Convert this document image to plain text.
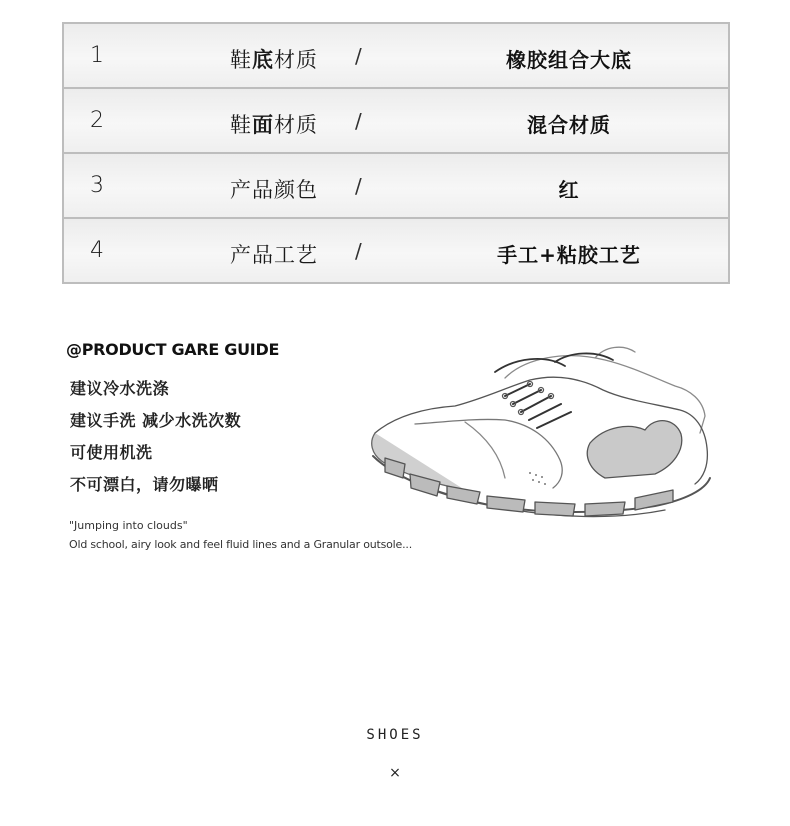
1	鞋底材质 /	橡胶组合大底
2	鞋面材质 /	混合材质
3	产品颜色 /	红
4	产品工艺 /	手工+粘胶工艺
@PRODUCT GARE GUIDE
建议冷水洗涤
建议手洗 减少水洗次数
可使用机洗
不可漂白，请勿曝晒
"Jumping into clouds"
Old school, airy look and feel fluid lines and a Granular outsole...
SHOES
×
